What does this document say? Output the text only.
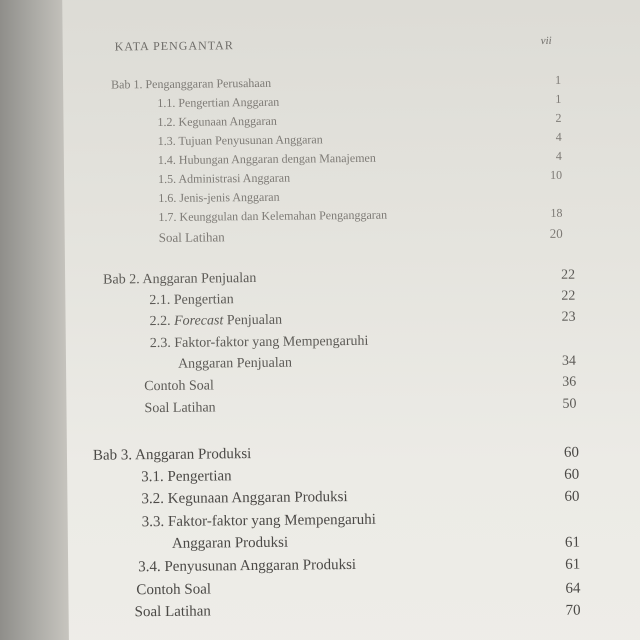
KATA PENGANTAR	vii
Bab 1. Penganggaran Perusahaan	1
1.1. Pengertian Anggaran	1
1.2. Kegunaan Anggaran	2
1.3. Tujuan Penyusunan Anggaran	4
1.4. Hubungan Anggaran dengan Manajemen	4
1.5. Administrasi Anggaran	10
1.6. Jenis-jenis Anggaran
1.7. Keunggulan dan Kelemahan Penganggaran	18
Soal Latihan	20
Bab 2. Anggaran Penjualan	22
2.1. Pengertian	22
2.2. Forecast Penjualan	23
2.3. Faktor-faktor yang Mempengaruhi
Anggaran Penjualan	34
Contoh Soal	36
Soal Latihan	50
Bab 3. Anggaran Produksi	60
3.1. Pengertian	60
3.2. Kegunaan Anggaran Produksi	60
3.3. Faktor-faktor yang Mempengaruhi
Anggaran Produksi	61
3.4. Penyusunan Anggaran Produksi	61
Contoh Soal	64
Soal Latihan	70
